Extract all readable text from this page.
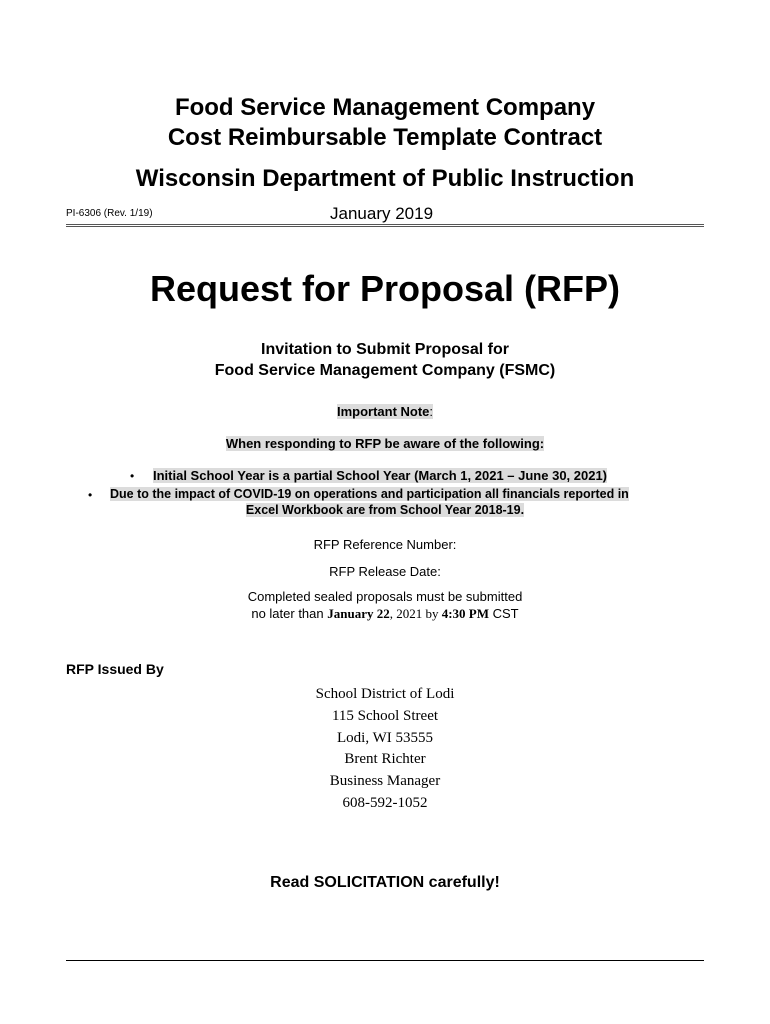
Food Service Management Company
Cost Reimbursable Template Contract
Wisconsin Department of Public Instruction
PI-6306 (Rev. 1/19)	January 2019
Request for Proposal (RFP)
Invitation to Submit Proposal for
Food Service Management Company (FSMC)
Important Note:
When responding to RFP be aware of the following:
• Initial School Year is a partial School Year (March 1, 2021 – June 30, 2021)
• Due to the impact of COVID-19 on operations and participation all financials reported in
Excel Workbook are from School Year 2018-19.
RFP Reference Number:
RFP Release Date:
Completed sealed proposals must be submitted
no later than January 22, 2021 by 4:30 PM CST
RFP Issued By
School District of Lodi
115 School Street
Lodi, WI 53555
Brent Richter
Business Manager
608-592-1052
Read SOLICITATION carefully!
